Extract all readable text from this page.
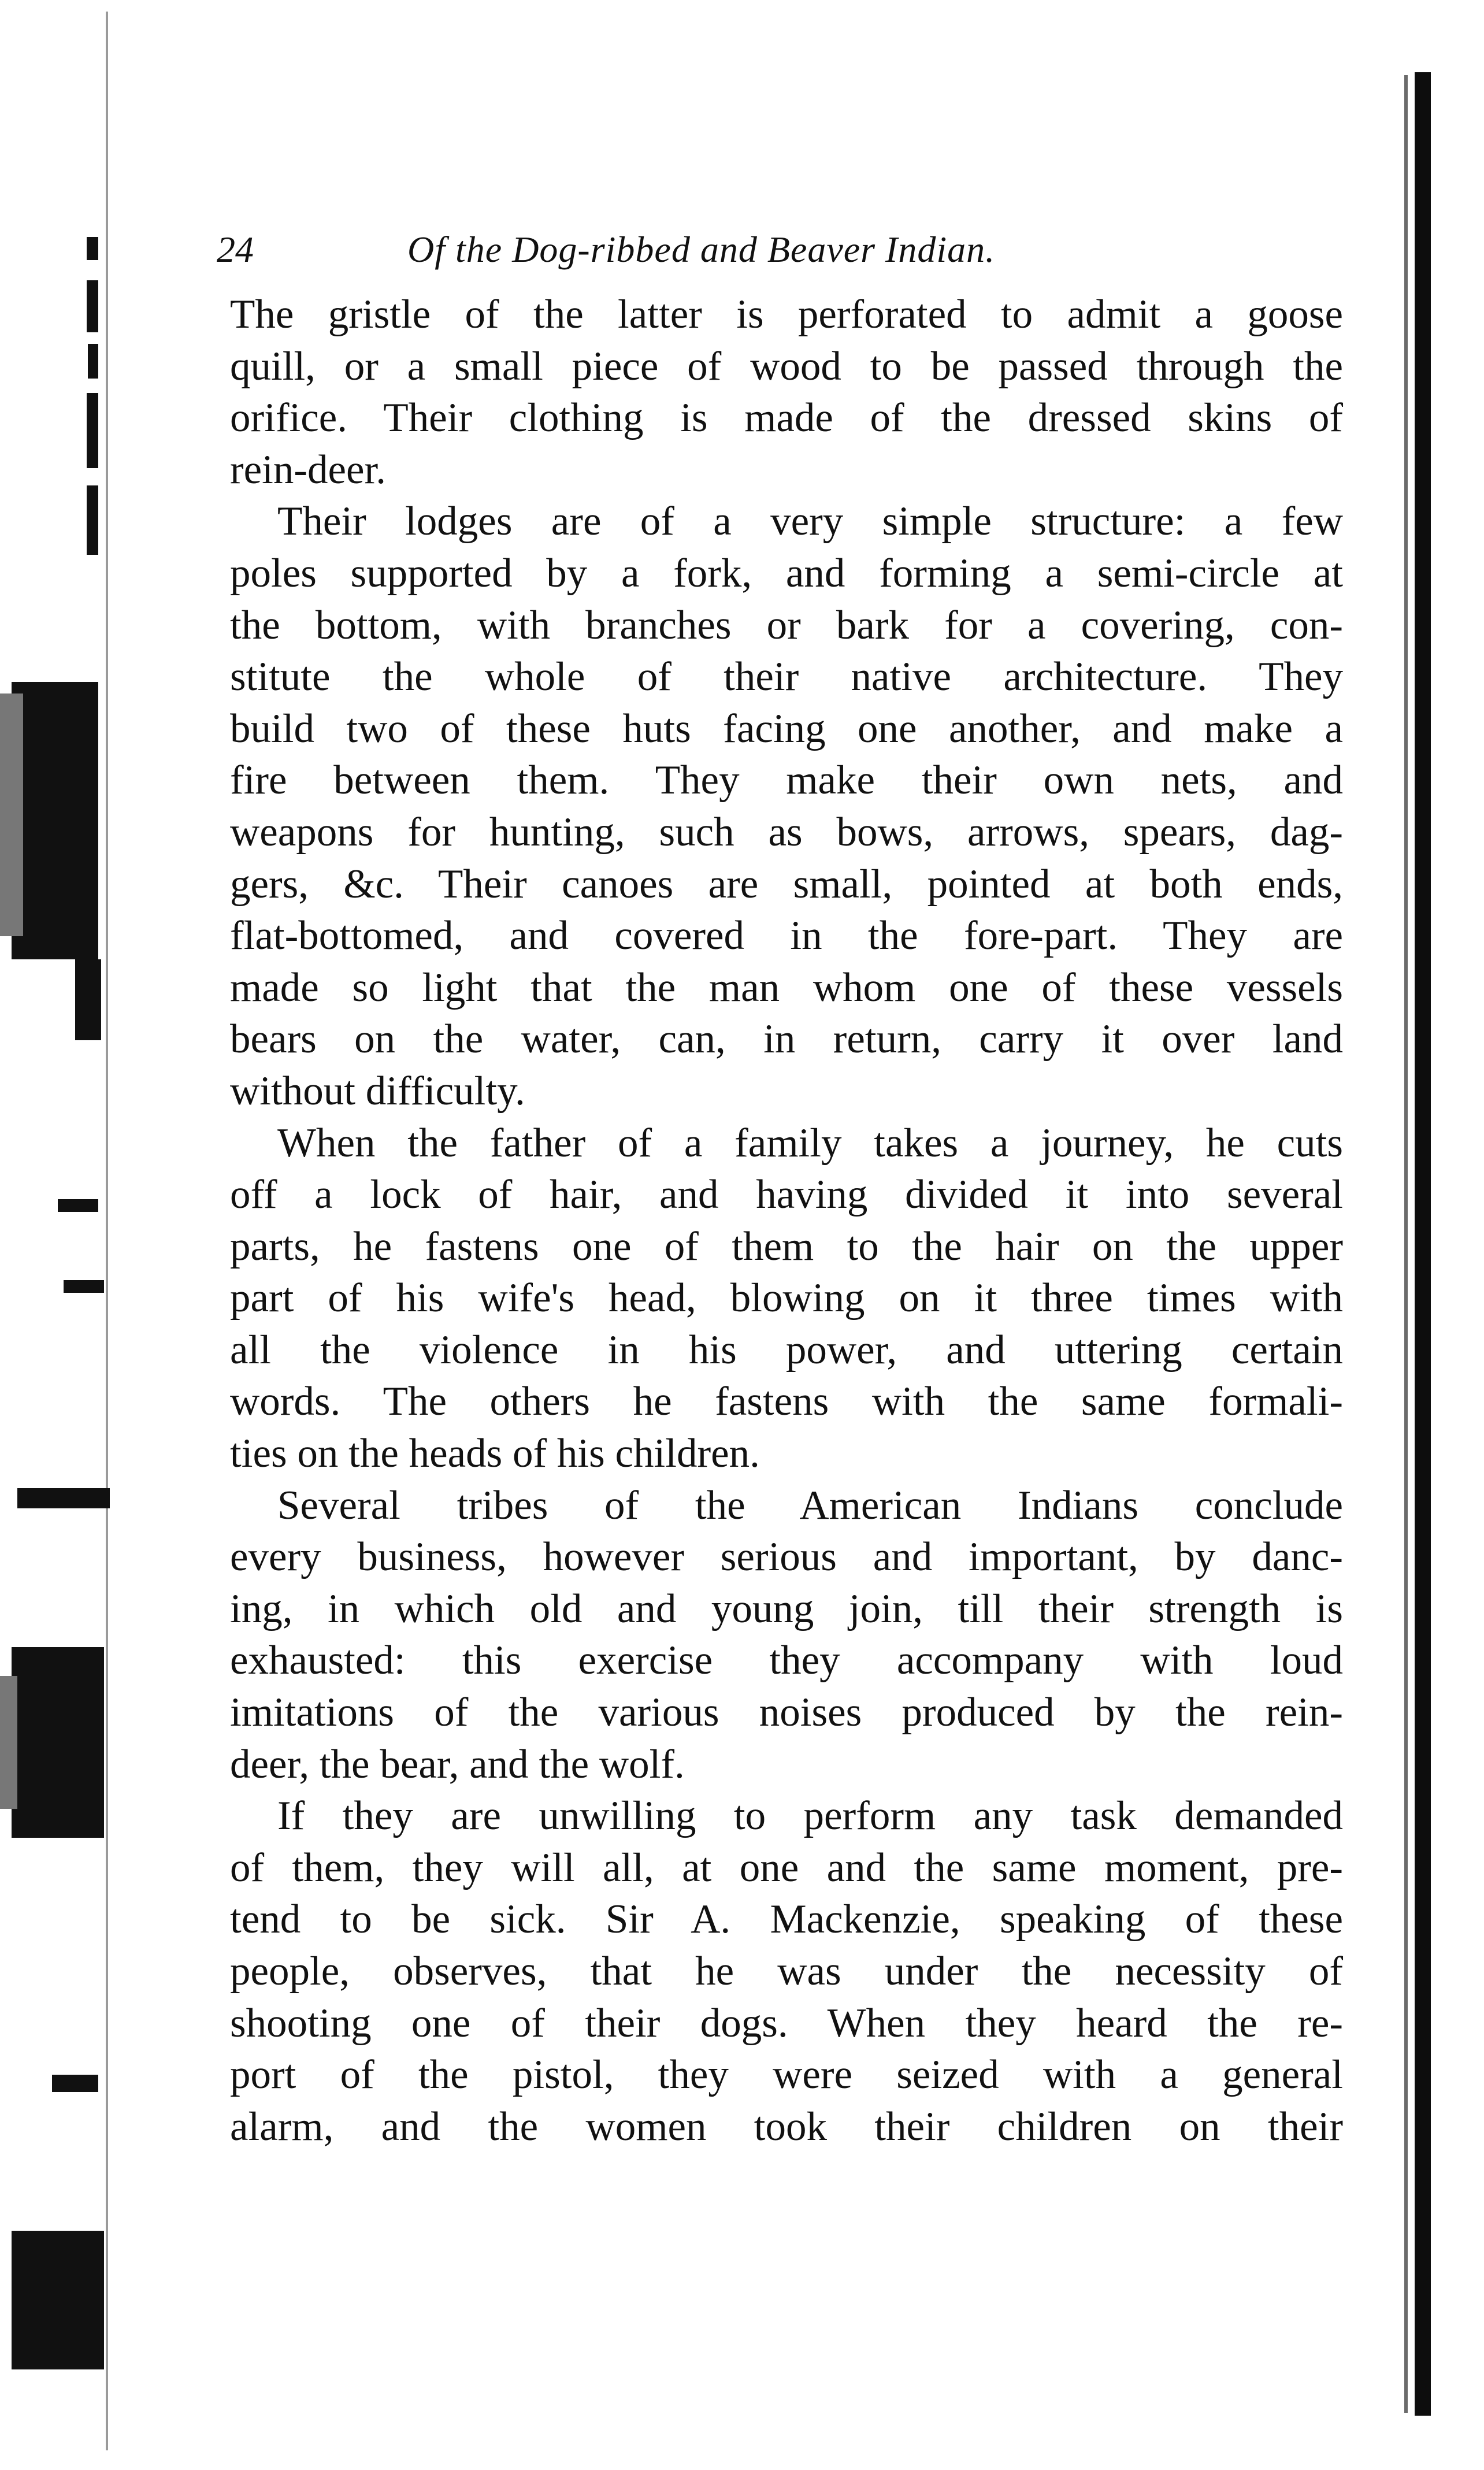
24	Of the Dog-ribbed and Beaver Indian.
The gristle of the latter is perforated to admit a goose
quill, or a small piece of wood to be passed through the
orifice. Their clothing is made of the dressed skins of
rein-deer.
Their lodges are of a very simple structure: a few
poles supported by a fork, and forming a semi-circle at
the bottom, with branches or bark for a covering, con-
stitute the whole of their native architecture. They
build two of these huts facing one another, and make a
fire between them. They make their own nets, and
weapons for hunting, such as bows, arrows, spears, dag-
gers, &c. Their canoes are small, pointed at both ends,
flat-bottomed, and covered in the fore-part. They are
made so light that the man whom one of these vessels
bears on the water, can, in return, carry it over land
without difficulty.
When the father of a family takes a journey, he cuts
off a lock of hair, and having divided it into several
parts, he fastens one of them to the hair on the upper
part of his wife's head, blowing on it three times with
all the violence in his power, and uttering certain
words. The others he fastens with the same formali-
ties on the heads of his children.
Several tribes of the American Indians conclude
every business, however serious and important, by danc-
ing, in which old and young join, till their strength is
exhausted: this exercise they accompany with loud
imitations of the various noises produced by the rein-
deer, the bear, and the wolf.
If they are unwilling to perform any task demanded
of them, they will all, at one and the same moment, pre-
tend to be sick. Sir A. Mackenzie, speaking of these
people, observes, that he was under the necessity of
shooting one of their dogs. When they heard the re-
port of the pistol, they were seized with a general
alarm, and the women took their children on their
